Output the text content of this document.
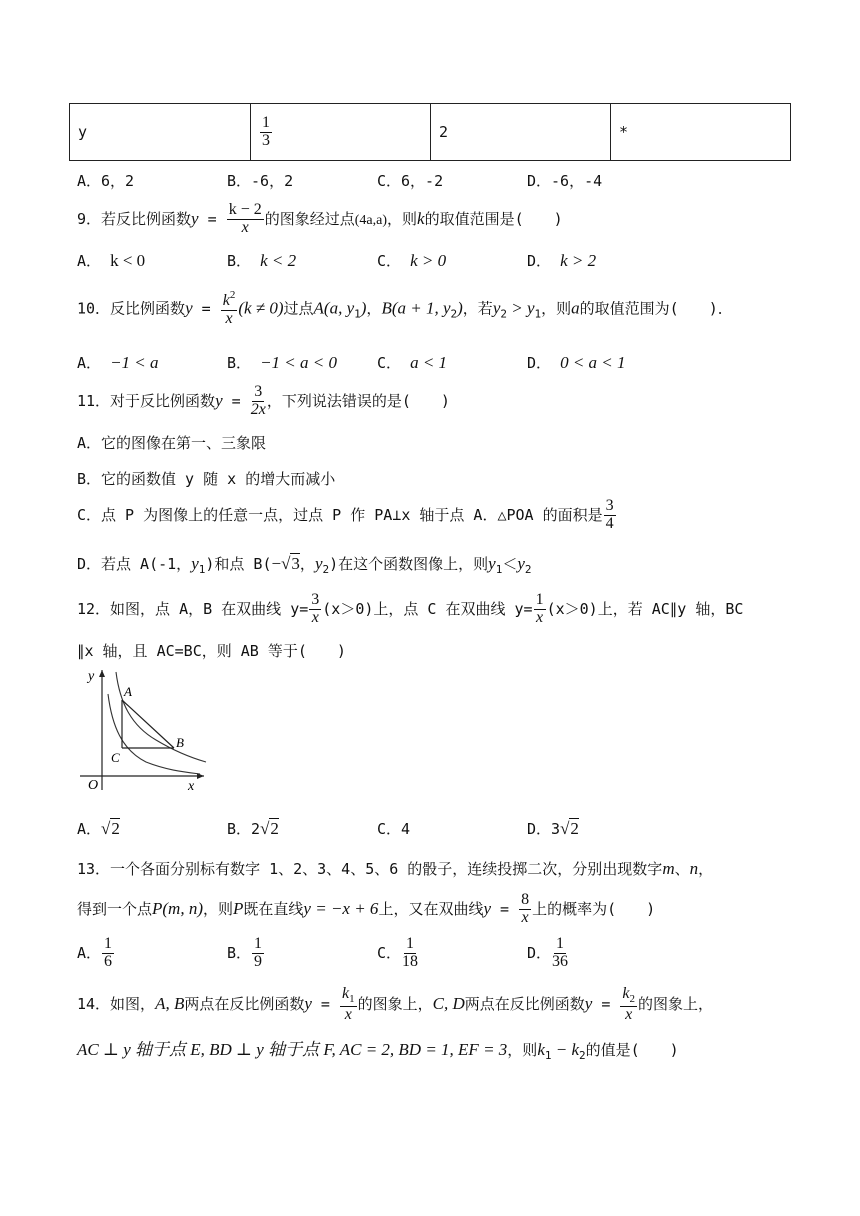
y	$\frac{1}{3}$	2	*
A．6，2	B．-6，2	C．6，-2	D．-6，-4
9．若反比例函数$y = \frac{k - 2}{x}$ 的图象经过点(4a,a)，则k的取值范围是(　　)
A． k < 0	B． k < 2	C． k > 0	D． k > 2
10．反比例函数$y = \frac{k^2}{x} (k \ne 0)$过点A(a, $y_1$)，B(a + 1, $y_2$)，若$y_2 > y_1$，则a的取值范围为(　　)．
A． −1 < a	B． −1 < a < 0	C． a < 1	D． 0 < a < 1
11．对于反比例函数$y = \frac{3}{2x}$ ，下列说法错误的是(　　)
A．它的图像在第一、三象限
B．它的函数值 y 随 x 的增大而减小
C．点 P 为图像上的任意一点，过点 P 作 PA⊥x 轴于点 A．△POA 的面积是 $\frac{3}{4}$
D．若点 A(-1，$y_1$)和点 B(−√3，$y_2$)在这个函数图像上，则$y_1<y_2$
12．如图，点 A，B 在双曲线 $y= \frac{3}{x} (x>0)$上，点 C 在双曲线 $y= \frac{1}{x} (x>0)$上，若 AC∥y 轴，BC
∥x 轴，且 AC=BC，则 AB 等于(　　)
y
x
O
A
B
C
A．√2	B．2√2	C．4	D．3√2
13．一个各面分别标有数字 1、2、3、4、5、6 的骰子，连续投掷二次，分别出现数字m、n，
得到一个点P(m, n)，则P既在直线y = −x + 6上，又在双曲线$y = \frac{8}{x}$ 上的概率为(　　)
A． $\frac{1}{6}$	B． $\frac{1}{9}$	C． $\frac{1}{18}$	D． $\frac{1}{36}$
14．如图，A, B两点在反比例函数$y = \frac{k_1}{x}$ 的图象上，C, D两点在反比例函数$y = \frac{k_2}{x}$ 的图象上，
AC ⊥ y 轴于点 E, BD ⊥ y 轴于点 F, AC = 2, BD = 1, EF = 3，则$k_1 - k_2$的值是(　　)
